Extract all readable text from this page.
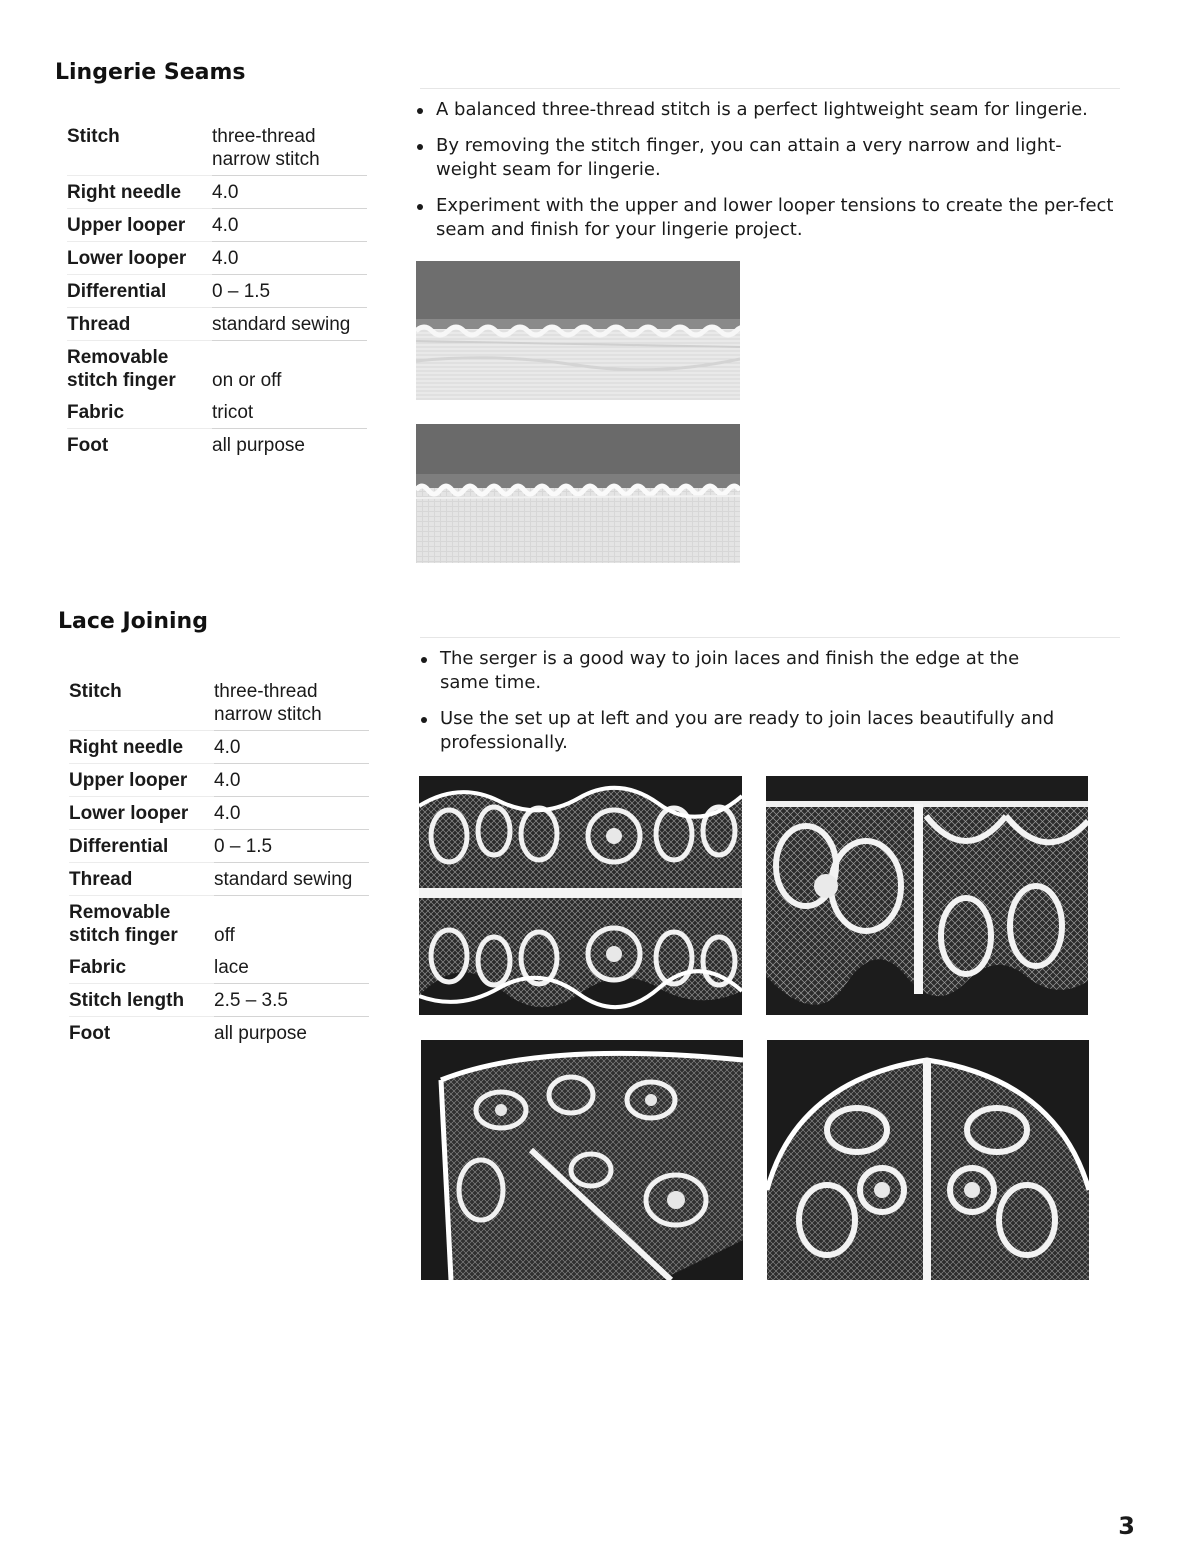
Lingerie Seams
Stitch	three-thread
narrow stitch
Right needle	4.0
Upper looper	4.0
Lower looper	4.0
Differential	0 – 1.5
Thread	standard sewing
Removable
stitch finger	on or off
Fabric	tricot
Foot	all purpose
A balanced three-thread stitch is a perfect lightweight seam for lingerie.
By removing the stitch finger, you can attain a very narrow and light-weight seam for lingerie.
Experiment with the upper and lower looper tensions to create the per-fect seam and finish for your lingerie project.
Lace Joining
Stitch	three-thread
narrow stitch
Right needle	4.0
Upper looper	4.0
Lower looper	4.0
Differential	0 – 1.5
Thread	standard sewing
Removable
stitch finger	off
Fabric	lace
Stitch length	2.5 – 3.5
Foot	all purpose
The serger is a good way to join laces and finish the edge at the same time.
Use the set up at left and you are ready to join laces beautifully and professionally.

3
